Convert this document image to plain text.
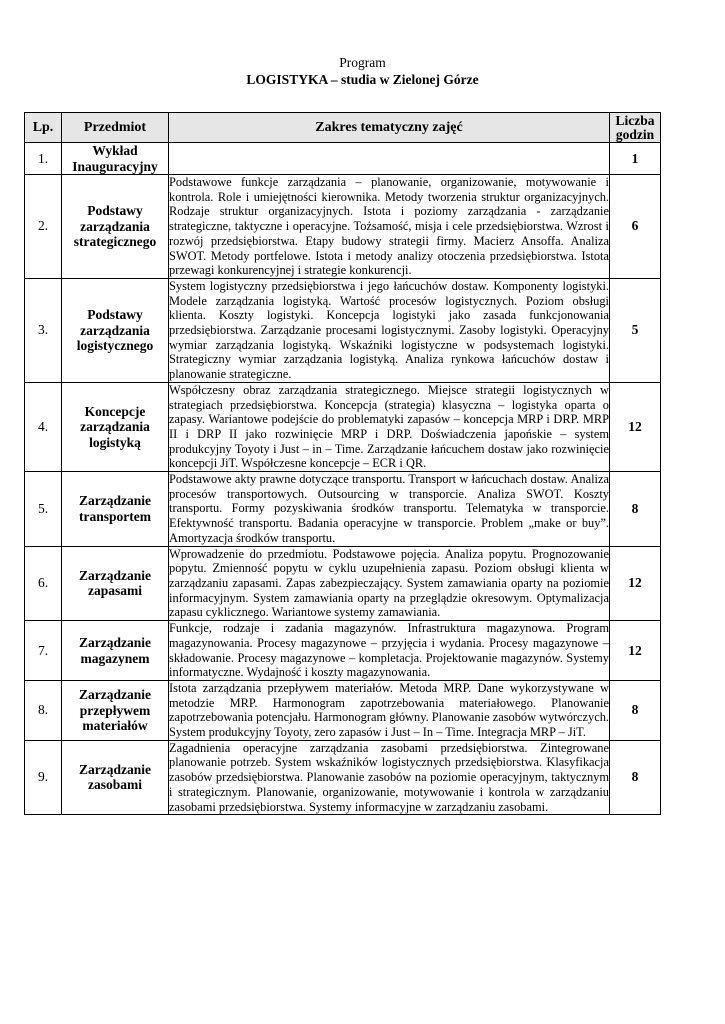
Program
LOGISTYKA – studia w Zielonej Górze
Lp.	Przedmiot	Zakres tematyczny zajęć	Liczba
godzin

1.	Wykład Inauguracyjny		1
2.	Podstawy zarządzania strategicznego	Podstawowe funkcje zarządzania – planowanie, organizowanie, motywowanie i kontrola. Role i umiejętności kierownika. Metody tworzenia struktur organizacyjnych. Rodzaje struktur organizacyjnych. Istota i poziomy zarządzania - zarządzanie strategiczne, taktyczne i operacyjne. Tożsamość, misja i cele przedsiębiorstwa. Wzrost i rozwój przedsiębiorstwa. Etapy budowy strategii firmy. Macierz Ansoffa. Analiza SWOT. Metody portfelowe. Istota i metody analizy otoczenia przedsiębiorstwa. Istota przewagi konkurencyjnej i strategie konkurencji.	6
3.	Podstawy zarządzania logistycznego	System logistyczny przedsiębiorstwa i jego łańcuchów dostaw. Komponenty logistyki. Modele zarządzania logistyką. Wartość procesów logistycznych. Poziom obsługi klienta. Koszty logistyki. Koncepcja logistyki jako zasada funkcjonowania przedsiębiorstwa. Zarządzanie procesami logistycznymi. Zasoby logistyki. Operacyjny wymiar zarządzania logistyką. Wskaźniki logistyczne w podsystemach logistyki. Strategiczny wymiar zarządzania logistyką. Analiza rynkowa łańcuchów dostaw i planowanie strategiczne.	5
4.	Koncepcje zarządzania logistyką	Współczesny obraz zarządzania strategicznego. Miejsce strategii logistycznych w strategiach przedsiębiorstwa. Koncepcja (strategia) klasyczna – logistyka oparta o zapasy. Wariantowe podejście do problematyki zapasów – koncepcja MRP i DRP. MRP II i DRP II jako rozwinięcie MRP i DRP. Doświadczenia japońskie – system produkcyjny Toyoty i Just – in – Time. Zarządzanie łańcuchem dostaw jako rozwinięcie koncepcji JiT. Współczesne koncepcje – ECR i QR.	12
5.	Zarządzanie transportem	Podstawowe akty prawne dotyczące transportu. Transport w łańcuchach dostaw. Analiza procesów transportowych. Outsourcing w transporcie. Analiza SWOT. Koszty transportu. Formy pozyskiwania środków transportu. Telematyka w transporcie. Efektywność transportu. Badania operacyjne w transporcie. Problem „make or buy”. Amortyzacja środków transportu.	8
6.	Zarządzanie zapasami	Wprowadzenie do przedmiotu. Podstawowe pojęcia. Analiza popytu. Prognozowanie popytu. Zmienność popytu w cyklu uzupełnienia zapasu. Poziom obsługi klienta w zarządzaniu zapasami. Zapas zabezpieczający. System zamawiania oparty na poziomie informacyjnym. System zamawiania oparty na przeglądzie okresowym. Optymalizacja zapasu cyklicznego. Wariantowe systemy zamawiania.	12
7.	Zarządzanie magazynem	Funkcje, rodzaje i zadania magazynów. Infrastruktura magazynowa. Program magazynowania. Procesy magazynowe – przyjęcia i wydania. Procesy magazynowe – składowanie. Procesy magazynowe – kompletacja. Projektowanie magazynów. Systemy informatyczne. Wydajność i koszty magazynowania.	12
8.	Zarządzanie przepływem materiałów	Istota zarządzania przepływem materiałów. Metoda MRP. Dane wykorzystywane w metodzie MRP. Harmonogram zapotrzebowania materiałowego. Planowanie zapotrzebowania potencjału. Harmonogram główny. Planowanie zasobów wytwórczych. System produkcyjny Toyoty, zero zapasów i Just – In – Time. Integracja MRP – JiT.	8
9.	Zarządzanie zasobami	Zagadnienia operacyjne zarządzania zasobami przedsiębiorstwa. Zintegrowane planowanie potrzeb. System wskaźników logistycznych przedsiębiorstwa. Klasyfikacja zasobów przedsiębiorstwa. Planowanie zasobów na poziomie operacyjnym, taktycznym i strategicznym. Planowanie, organizowanie, motywowanie i kontrola w zarządzaniu zasobami przedsiębiorstwa. Systemy informacyjne w zarządzaniu zasobami.	8
